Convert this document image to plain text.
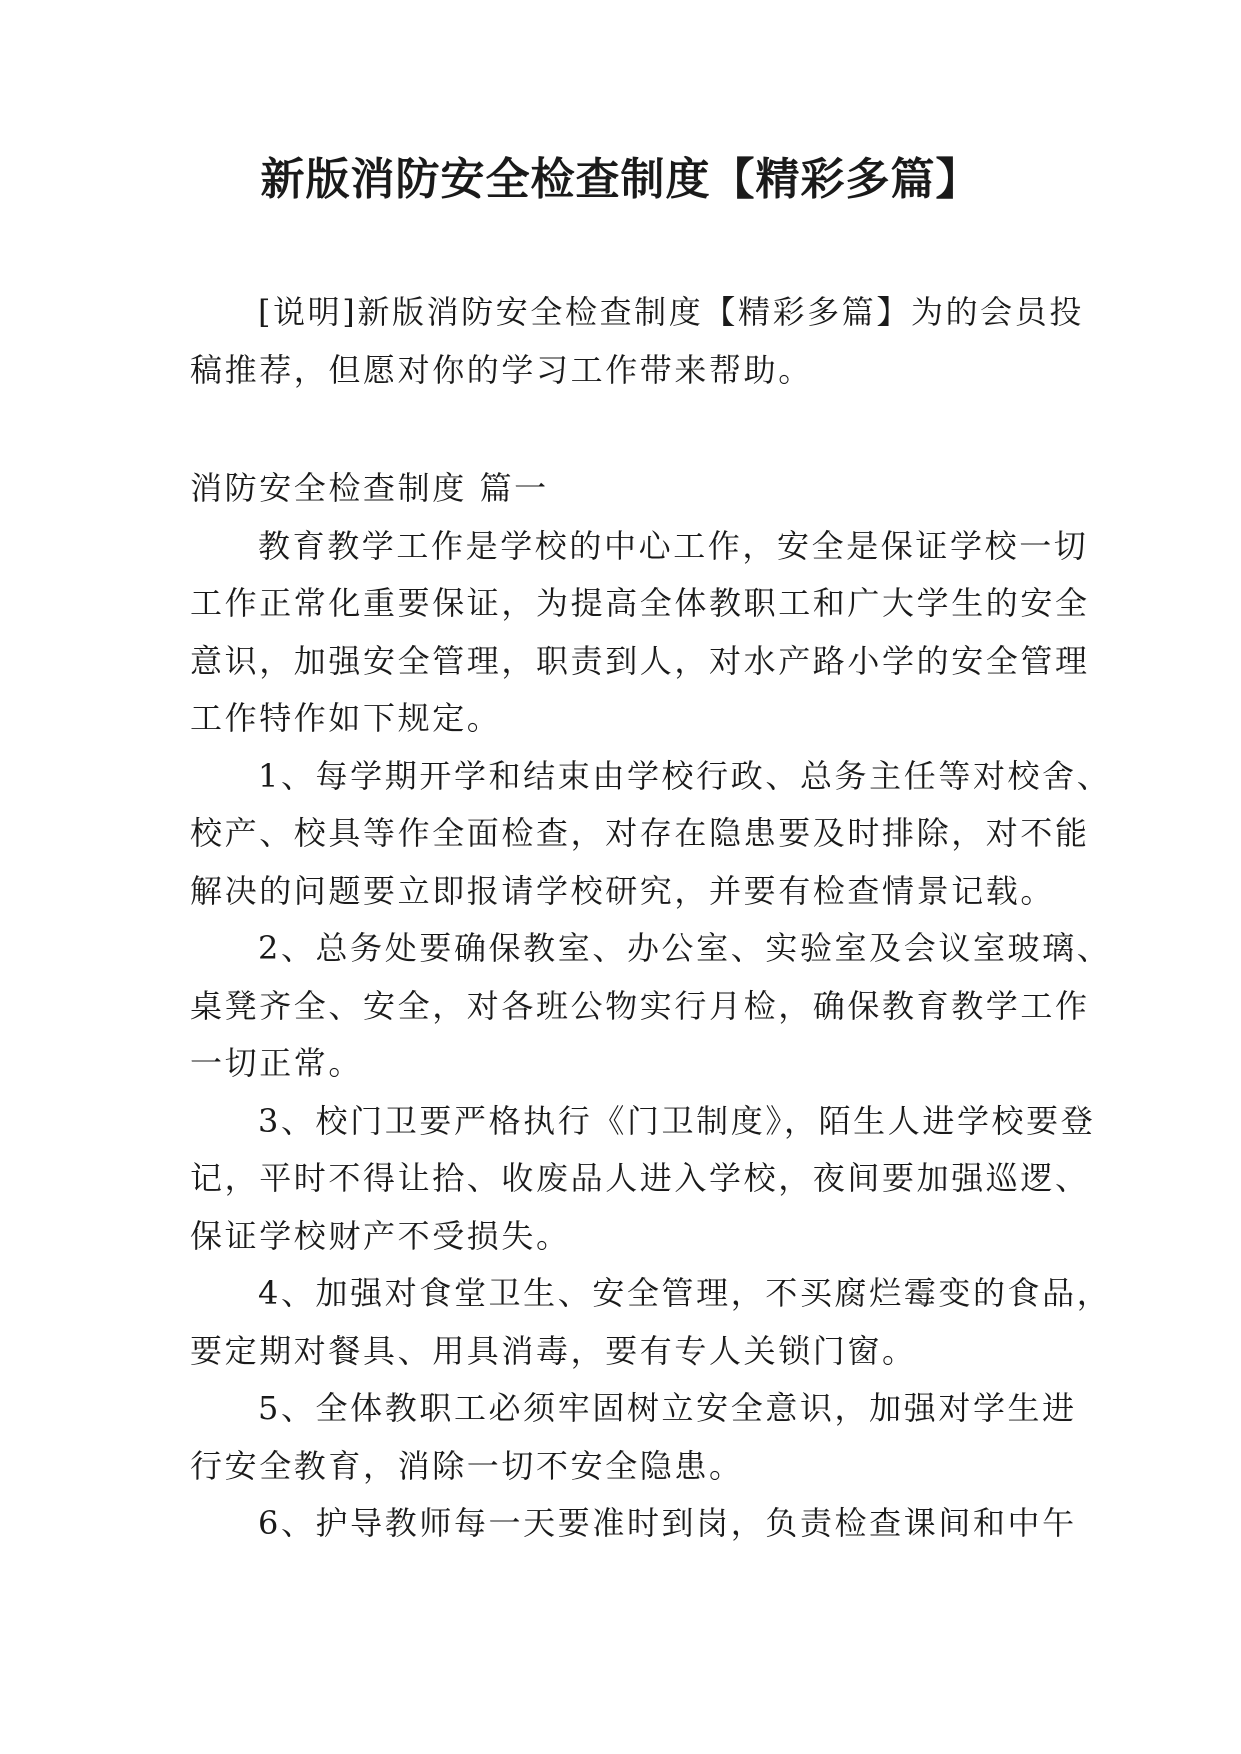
新版消防安全检查制度【精彩多篇】
[说明]新版消防安全检查制度【精彩多篇】为的会员投
稿推荐，但愿对你的学习工作带来帮助。
消防安全检查制度 篇一
教育教学工作是学校的中心工作，安全是保证学校一切
工作正常化重要保证，为提高全体教职工和广大学生的安全
意识，加强安全管理，职责到人，对水产路小学的安全管理
工作特作如下规定。
1、每学期开学和结束由学校行政、总务主任等对校舍、
校产、校具等作全面检查，对存在隐患要及时排除，对不能
解决的问题要立即报请学校研究，并要有检查情景记载。
2、总务处要确保教室、办公室、实验室及会议室玻璃、
桌凳齐全、安全，对各班公物实行月检，确保教育教学工作
一切正常。
3、校门卫要严格执行《门卫制度》，陌生人进学校要登
记，平时不得让拾、收废品人进入学校，夜间要加强巡逻、
保证学校财产不受损失。
4、加强对食堂卫生、安全管理，不买腐烂霉变的食品，
要定期对餐具、用具消毒，要有专人关锁门窗。
5、全体教职工必须牢固树立安全意识，加强对学生进
行安全教育，消除一切不安全隐患。
6、护导教师每一天要准时到岗，负责检查课间和中午
